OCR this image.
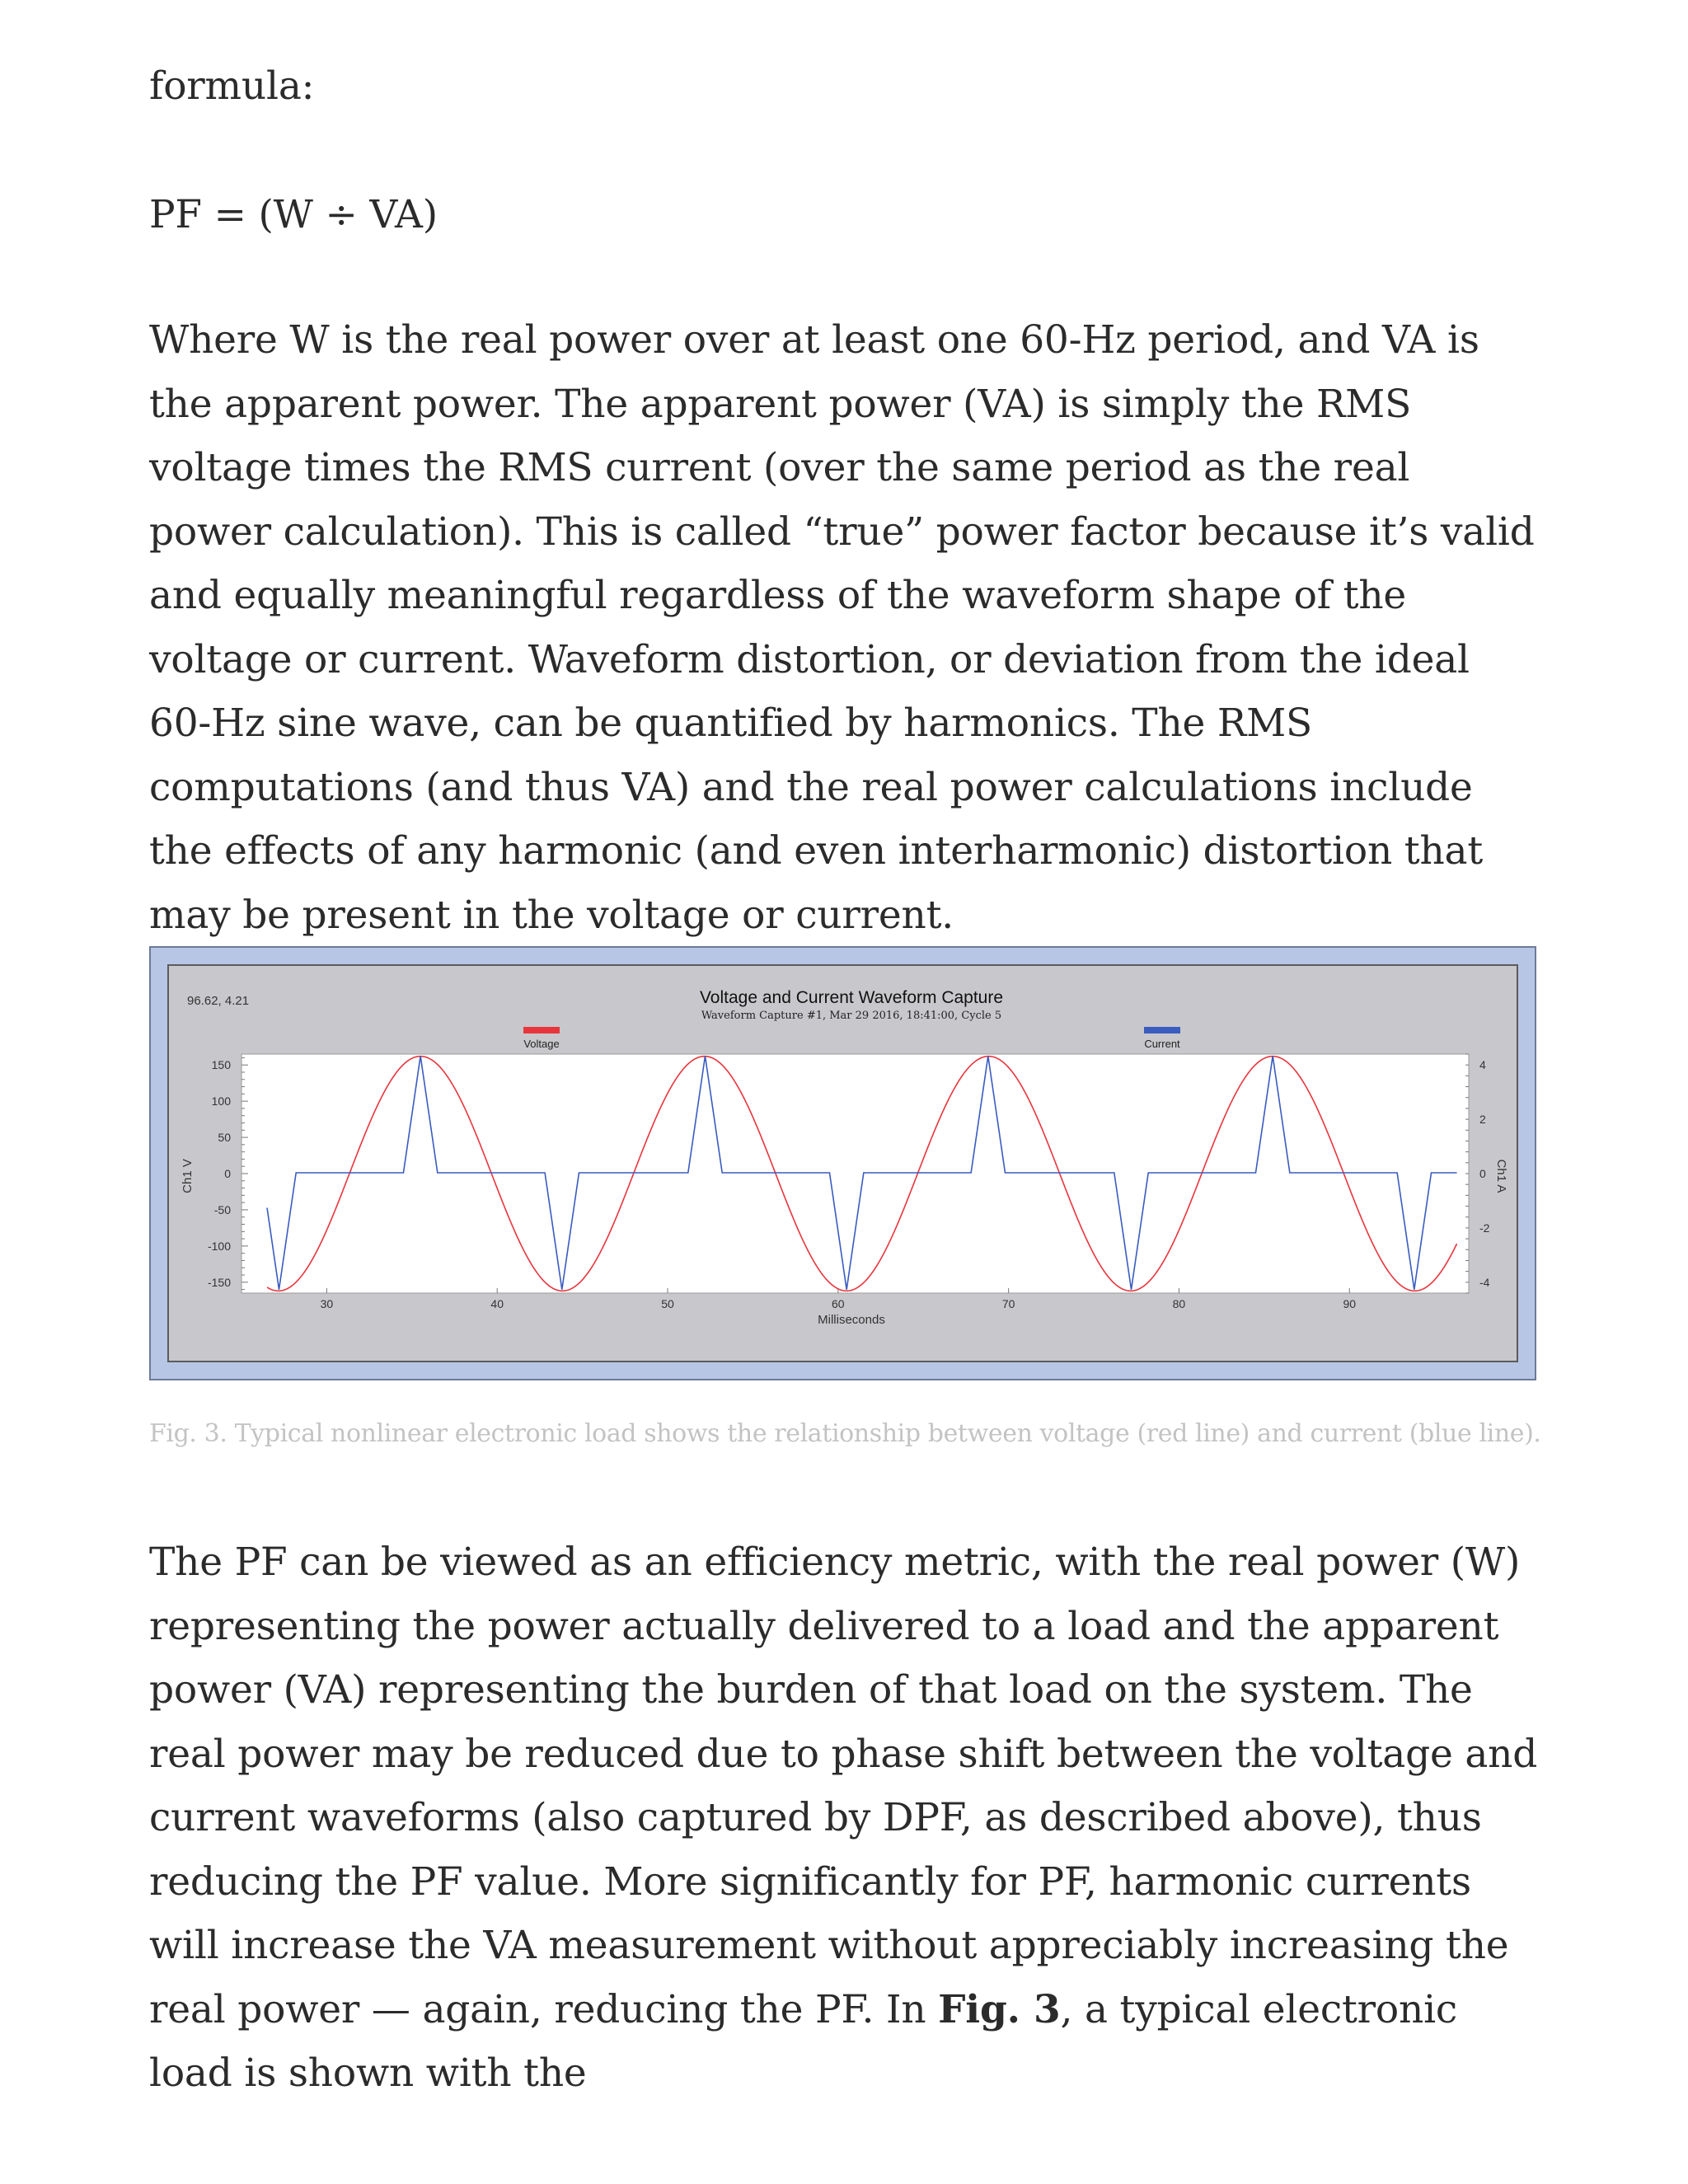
formula:

PF = (W ÷ VA)

Where W is the real power over at least one 60-Hz period, and VA is the apparent power. The apparent power (VA) is simply the RMS voltage times the RMS current (over the same period as the real power calculation). This is called “true” power factor because it’s valid and equally meaningful regardless of the waveform shape of the voltage or current. Waveform distortion, or deviation from the ideal 60-Hz sine wave, can be quantified by harmonics. The RMS computations (and thus VA) and the real power calculations include the effects of any harmonic (and even interharmonic) distortion that may be present in the voltage or current.

The PF can be viewed as an efficiency metric, with the real power (W) representing the power actually delivered to a load and the apparent power (VA) representing the burden of that load on the system. The real power may be reduced due to phase shift between the voltage and current waveforms (also captured by DPF, as described above), thus reducing the PF value. More significantly for PF, harmonic currents will increase the VA measurement without appreciably increasing the real power — again, reducing the PF. In Fig. 3, a typical electronic load is shown with the

96.62, 4.21	Voltage and Current Waveform Capture
Waveform Capture #1, Mar 29 2016, 18:41:00, Cycle 5
Voltage	Current
150
100
50
0
-50
-100
-150
4
2
0
-2
-4
30	40	50	60	70	80	90
Ch1 V	Ch1 A
Milliseconds
Fig. 3. Typical nonlinear electronic load shows the relationship between voltage (red line) and current (blue line).
